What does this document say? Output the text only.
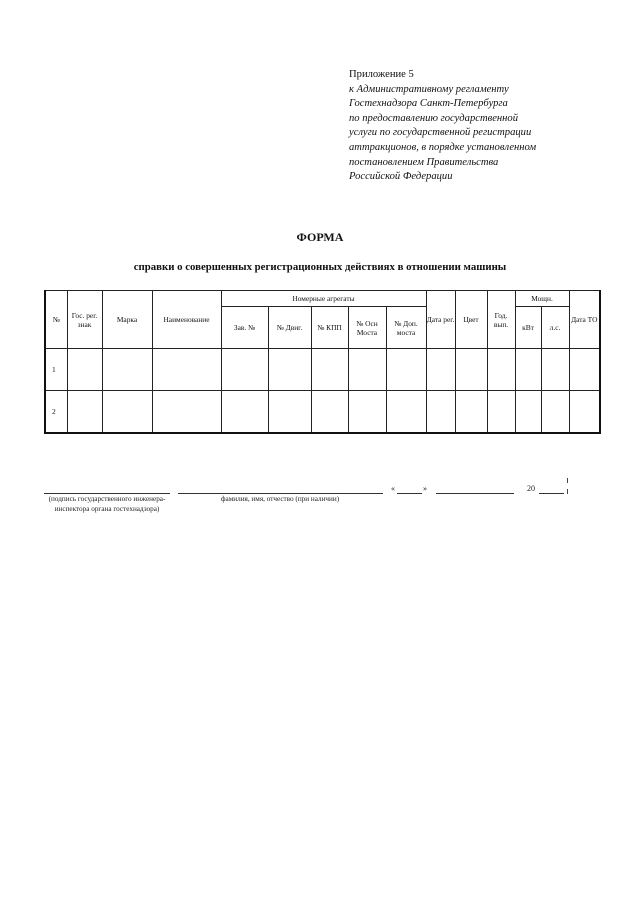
Приложение 5
к Административному регламенту
Гостехнадзора Санкт-Петербурга
по предоставлению государственной
услуги по государственной регистрации
аттракционов, в порядке установленном
постановлением Правительства
Российской Федерации
ФОРМА
справки о совершенных регистрационных действиях в отношении машины
№	Гос. рег. знак	Марка	Наименование	Номерные агрегаты					Дата рег.	Цвет	Год. вып.	Мощн.		Дата ТО
				Зав. №	№ Двиг.	№ КПП	№ Осн Моста	№ Доп. моста				кВт	л.с.	
1														
2														
«	»	20
(подпись государственного инженера-инспектора органа гостехнадзора)
фамилия, имя, отчество (при наличии)
